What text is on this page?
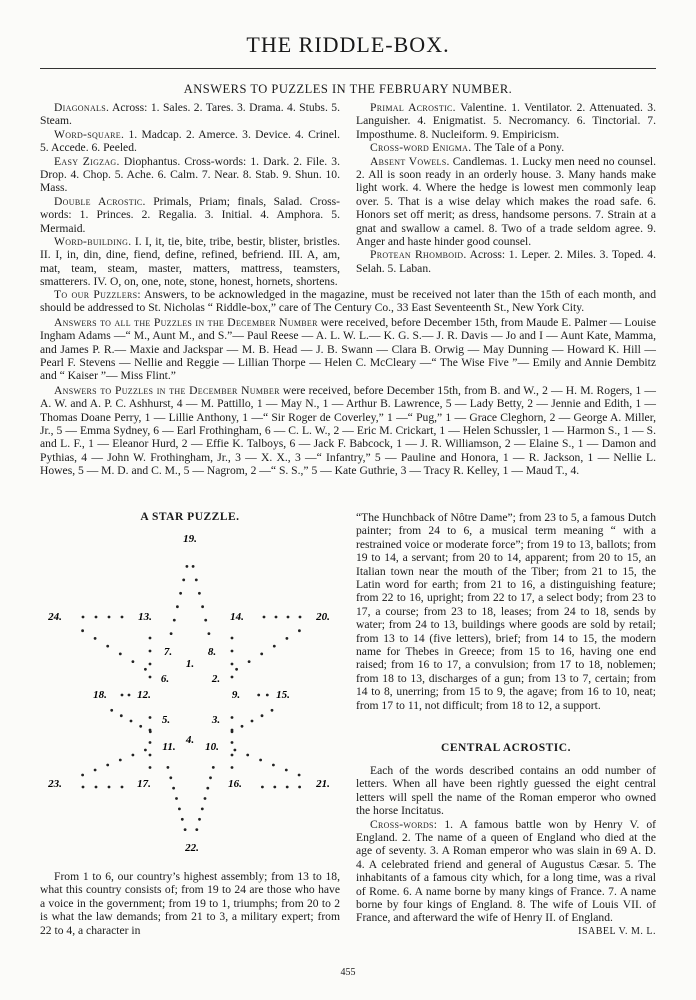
THE RIDDLE-BOX.
ANSWERS TO PUZZLES IN THE FEBRUARY NUMBER.

Diagonals. Across: 1. Sales. 2. Tares. 3. Drama. 4. Stubs. 5. Steam.

Word-square. 1. Madcap. 2. Amerce. 3. Device. 4. Crinel. 5. Accede. 6. Peeled.

Easy Zigzag. Diophantus. Cross-words: 1. Dark. 2. File. 3. Drop. 4. Chop. 5. Ache. 6. Calm. 7. Near. 8. Stab. 9. Shun. 10. Mass.

Double Acrostic. Primals, Priam; finals, Salad. Cross-words: 1. Princes. 2. Regalia. 3. Initial. 4. Amphora. 5. Mermaid.

Word-building. I. I, it, tie, bite, tribe, bestir, blister, bristles. II. I, in, din, dine, fiend, define, refined, befriend. III. A, am, mat, team, steam, master, matters, mattress, teamsters, smatterers. IV. O, on, one, note, stone, honest, hornets, shortens.

Primal Acrostic. Valentine. 1. Ventilator. 2. Attenuated. 3. Languisher. 4. Enigmatist. 5. Necromancy. 6. Tinctorial. 7. Imposthume. 8. Nucleiform. 9. Empiricism.

Cross-word Enigma. The Tale of a Pony.

Absent Vowels. Candlemas. 1. Lucky men need no counsel. 2. All is soon ready in an orderly house. 3. Many hands make light work. 4. Where the hedge is lowest men commonly leap over. 5. That is a wise delay which makes the road safe. 6. Honors set off merit; as dress, handsome persons. 7. Strain at a gnat and swallow a camel. 8. Two of a trade seldom agree. 9. Anger and haste hinder good counsel.

Protean Rhomboid. Across: 1. Leper. 2. Miles. 3. Toped. 4. Selah. 5. Laban.

To our Puzzlers: Answers, to be acknowledged in the magazine, must be received not later than the 15th of each month, and should be addressed to St. Nicholas “ Riddle-box,” care of The Century Co., 33 East Seventeenth St., New York City.

Answers to all the Puzzles in the December Number were received, before December 15th, from Maude E. Palmer — Louise Ingham Adams —“ M., Aunt M., and S.”— Paul Reese — A. L. W. L.— K. G. S.— J. R. Davis — Jo and I — Aunt Kate, Mamma, and James P. R.— Maxie and Jackspar — M. B. Head — J. B. Swann — Clara B. Orwig — May Dunning — Howard K. Hill — Pearl F. Stevens — Nellie and Reggie — Lillian Thorpe — Helen C. McCleary —“ The Wise Five ”— Emily and Annie Dembitz and “ Kaiser ”— Miss Flint.”

Answers to Puzzles in the December Number were received, before December 15th, from B. and W., 2 — H. M. Rogers, 1 — A. W. and A. P. C. Ashhurst, 4 — M. Pattillo, 1 — May N., 1 — Arthur B. Lawrence, 5 — Lady Betty, 2 — Jennie and Edith, 1 — Thomas Doane Perry, 1 — Lillie Anthony, 1 —“ Sir Roger de Coverley,” 1 —“ Pug,” 1 — Grace Cleghorn, 2 — George A. Miller, Jr., 5 — Emma Sydney, 6 — Earl Frothingham, 6 — C. L. W., 2 — Eric M. Crickart, 1 — Helen Schussler, 1 — Harmon S., 1 — S. and L. F., 1 — Eleanor Hurd, 2 — Effie K. Talboys, 6 — Jack F. Babcock, 1 — J. R. Williamson, 2 — Elaine S., 1 — Damon and Pythias, 4 — John W. Frothingham, Jr., 3 — X. X., 3 —“ Infantry,” 5 — Pauline and Honora, 1 — R. Jackson, 1 — Nellie L. Howes, 5 — M. D. and C. M., 5 — Nagrom, 2 —“ S. S.,” 5 — Kate Guthrie, 3 — Tracy R. Kelley, 1 — Maud T., 4.

A STAR PUZZLE.
19.
24.	13.	14.	20.
7.	8.
1.
6.	2.
18.	12.	9.	15.
5.	3.
11.
4.
10.
23.	17.	16.	21.
22.

From 1 to 6, our country’s highest assembly; from 13 to 18, what this country consists of; from 19 to 24 are those who have a voice in the government; from 19 to 1, triumphs; from 20 to 2 is what the law demands; from 21 to 3, a military expert; from 22 to 4, a character in

“The Hunchback of Nôtre Dame”; from 23 to 5, a famous Dutch painter; from 24 to 6, a musical term meaning “ with a restrained voice or moderate force”; from 19 to 13, ballots; from 19 to 14, a servant; from 20 to 14, apparent; from 20 to 15, an Italian town near the mouth of the Tiber; from 21 to 15, the Latin word for earth; from 21 to 16, a distinguishing feature; from 22 to 16, upright; from 22 to 17, a select body; from 23 to 17, a course; from 23 to 18, leases; from 24 to 18, sends by water; from 24 to 13, buildings where goods are sold by retail; from 13 to 14 (five letters), brief; from 14 to 15, the modern name for Thebes in Greece; from 15 to 16, having one end raised; from 16 to 17, a convulsion; from 17 to 18, noblemen; from 18 to 13, discharges of a gun; from 13 to 7, certain; from 14 to 8, unerring; from 15 to 9, the agave; from 16 to 10, neat; from 17 to 11, not difficult; from 18 to 12, a support.

CENTRAL ACROSTIC.

Each of the words described contains an odd number of letters. When all have been rightly guessed the eight central letters will spell the name of the Roman emperor who owned the horse Incitatus.

Cross-words: 1. A famous battle won by Henry V. of England. 2. The name of a queen of England who died at the age of seventy. 3. A Roman emperor who was slain in 69 A. D. 4. A celebrated friend and general of Augustus Cæsar. 5. The inhabitants of a famous city which, for a long time, was a rival of Rome. 6. A name borne by many kings of France. 7. A name borne by four kings of England. 8. The wife of Louis VII. of France, and afterward the wife of Henry II. of England.

ISABEL V. M. L.

455
